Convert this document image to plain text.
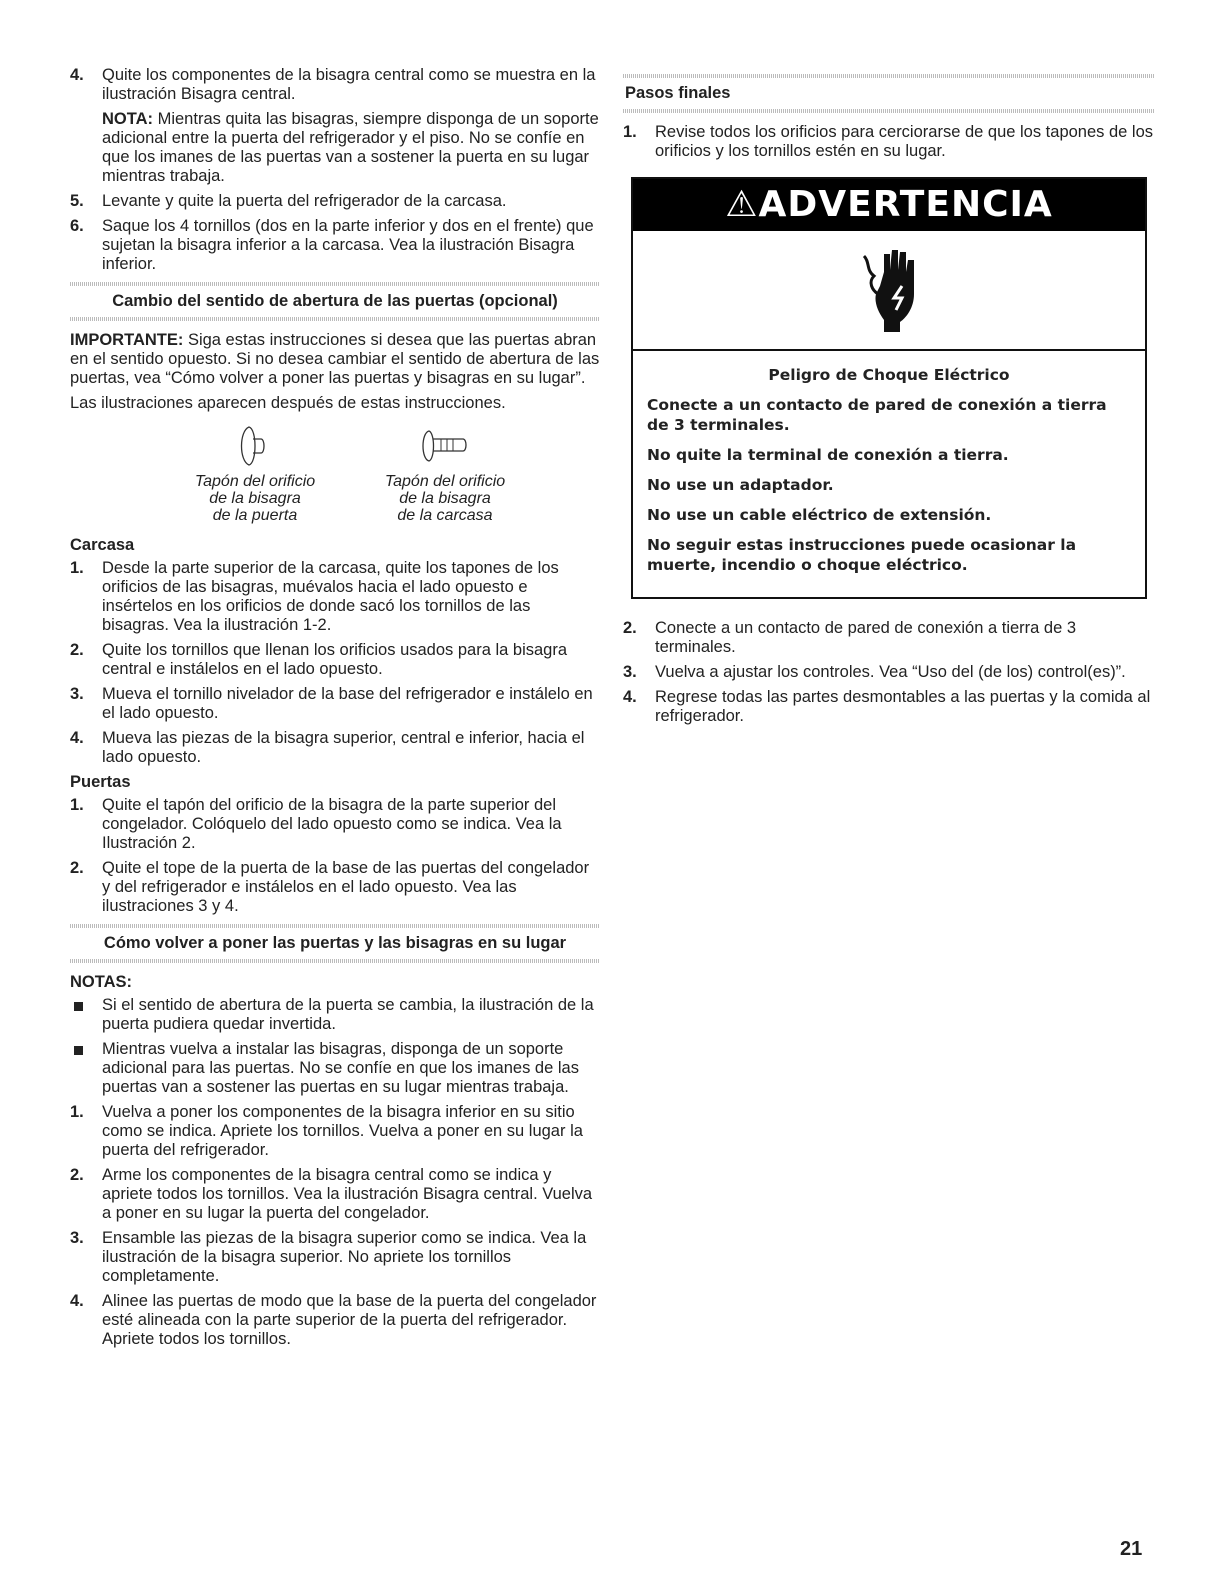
4. Quite los componentes de la bisagra central como se muestra en la ilustración Bisagra central.
NOTA: Mientras quita las bisagras, siempre disponga de un soporte adicional entre la puerta del refrigerador y el piso. No se confíe en que los imanes de las puertas van a sostener la puerta en su lugar mientras trabaja.
5. Levante y quite la puerta del refrigerador de la carcasa.
6. Saque los 4 tornillos (dos en la parte inferior y dos en el frente) que sujetan la bisagra inferior a la carcasa. Vea la ilustración Bisagra inferior.
Cambio del sentido de abertura de las puertas (opcional)

IMPORTANTE: Siga estas instrucciones si desea que las puertas abran en el sentido opuesto. Si no desea cambiar el sentido de abertura de las puertas, vea “Cómo volver a poner las puertas y bisagras en su lugar”.

Las ilustraciones aparecen después de estas instrucciones.

Tapón del orificio
de la bisagra
de la puerta
Tapón del orificio
de la bisagra
de la carcasa
Carcasa
1. Desde la parte superior de la carcasa, quite los tapones de los orificios de las bisagras, muévalos hacia el lado opuesto e insértelos en los orificios de donde sacó los tornillos de las bisagras. Vea la ilustración 1-2.
2. Quite los tornillos que llenan los orificios usados para la bisagra central e instálelos en el lado opuesto.
3. Mueva el tornillo nivelador de la base del refrigerador e instálelo en el lado opuesto.
4. Mueva las piezas de la bisagra superior, central e inferior, hacia el lado opuesto.
Puertas
1. Quite el tapón del orificio de la bisagra de la parte superior del congelador. Colóquelo del lado opuesto como se indica. Vea la Ilustración 2.
2. Quite el tope de la puerta de la base de las puertas del congelador y del refrigerador e instálelos en el lado opuesto. Vea las ilustraciones 3 y 4.
Cómo volver a poner las puertas y las bisagras en su lugar
NOTAS:
Si el sentido de abertura de la puerta se cambia, la ilustración de la puerta pudiera quedar invertida.
Mientras vuelva a instalar las bisagras, disponga de un soporte adicional para las puertas. No se confíe en que los imanes de las puertas van a sostener las puertas en su lugar mientras trabaja.
1. Vuelva a poner los componentes de la bisagra inferior en su sitio como se indica. Apriete los tornillos. Vuelva a poner en su lugar la puerta del refrigerador.
2. Arme los componentes de la bisagra central como se indica y apriete todos los tornillos. Vea la ilustración Bisagra central. Vuelva a poner en su lugar la puerta del congelador.
3. Ensamble las piezas de la bisagra superior como se indica. Vea la ilustración de la bisagra superior. No apriete los tornillos completamente.
4. Alinee las puertas de modo que la base de la puerta del congelador esté alineada con la parte superior de la puerta del refrigerador. Apriete todos los tornillos.
Pasos finales
1. Revise todos los orificios para cerciorarse de que los tapones de los orificios y los tornillos estén en su lugar.
⚠ADVERTENCIA

Peligro de Choque Eléctrico

Conecte a un contacto de pared de conexión a tierra de 3 terminales.

No quite la terminal de conexión a tierra.

No use un adaptador.

No use un cable eléctrico de extensión.

No seguir estas instrucciones puede ocasionar la muerte, incendio o choque eléctrico.

2. Conecte a un contacto de pared de conexión a tierra de 3 terminales.
3. Vuelva a ajustar los controles. Vea “Uso del (de los) control(es)”.
4. Regrese todas las partes desmontables a las puertas y la comida al refrigerador.
21
